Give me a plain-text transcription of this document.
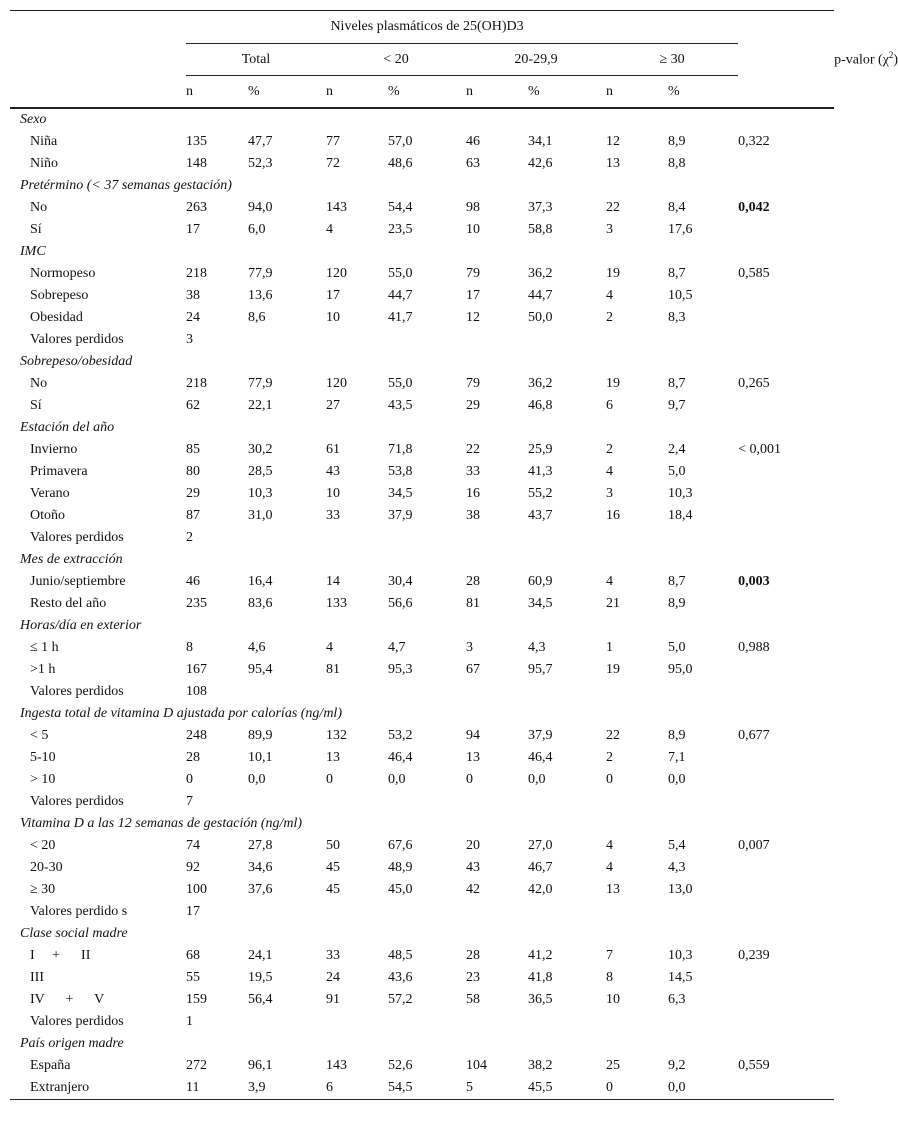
	Niveles plasmáticos de 25(OH)D3									
	Total		< 20		20-29,9		≥ 30			p-valor $(\chi^2)$
	n	%	n	%	n	%	n	%		
Sexo										
Niña	135	47,7	77	57,0	46	34,1	12	8,9	0,322	
Niño	148	52,3	72	48,6	63	42,6	13	8,8		
Pretérmino (< 37 semanas gestación)										
No	263	94,0	143	54,4	98	37,3	22	8,4	0,042	
Sí	17	6,0	4	23,5	10	58,8	3	17,6		
IMC										
Normopeso	218	77,9	120	55,0	79	36,2	19	8,7	0,585	
Sobrepeso	38	13,6	17	44,7	17	44,7	4	10,5		
Obesidad	24	8,6	10	41,7	12	50,0	2	8,3		
Valores perdidos	3									
Sobrepeso/obesidad										
No	218	77,9	120	55,0	79	36,2	19	8,7	0,265	
Sí	62	22,1	27	43,5	29	46,8	6	9,7		
Estación del año										
Invierno	85	30,2	61	71,8	22	25,9	2	2,4	< 0,001	
Primavera	80	28,5	43	53,8	33	41,3	4	5,0		
Verano	29	10,3	10	34,5	16	55,2	3	10,3		
Otoño	87	31,0	33	37,9	38	43,7	16	18,4		
Valores perdidos	2									
Mes de extracción										
Junio/septiembre	46	16,4	14	30,4	28	60,9	4	8,7	0,003	
Resto del año	235	83,6	133	56,6	81	34,5	21	8,9		
Horas/día en exterior										
≤ 1 h	8	4,6	4	4,7	3	4,3	1	5,0	0,988	
>1 h	167	95,4	81	95,3	67	95,7	19	95,0		
Valores perdidos	108									
Ingesta total de vitamina D ajustada por calorías (ng/ml)										
< 5	248	89,9	132	53,2	94	37,9	22	8,9	0,677	
5-10	28	10,1	13	46,4	13	46,4	2	7,1		
> 10	0	0,0	0	0,0	0	0,0	0	0,0		
Valores perdidos	7									
Vitamina D a las 12 semanas de gestación (ng/ml)										
< 20	74	27,8	50	67,6	20	27,0	4	5,4	0,007	
20-30	92	34,6	45	48,9	43	46,7	4	4,3		
≥ 30	100	37,6	45	45,0	42	42,0	13	13,0		
Valores perdido s	17									
Clase social madre										
I     +      II	68	24,1	33	48,5	28	41,2	7	10,3	0,239	
III	55	19,5	24	43,6	23	41,8	8	14,5		
IV      +      V	159	56,4	91	57,2	58	36,5	10	6,3		
Valores perdidos	1									
País origen madre										
España	272	96,1	143	52,6	104	38,2	25	9,2	0,559	
Extranjero	11	3,9	6	54,5	5	45,5	0	0,0		
